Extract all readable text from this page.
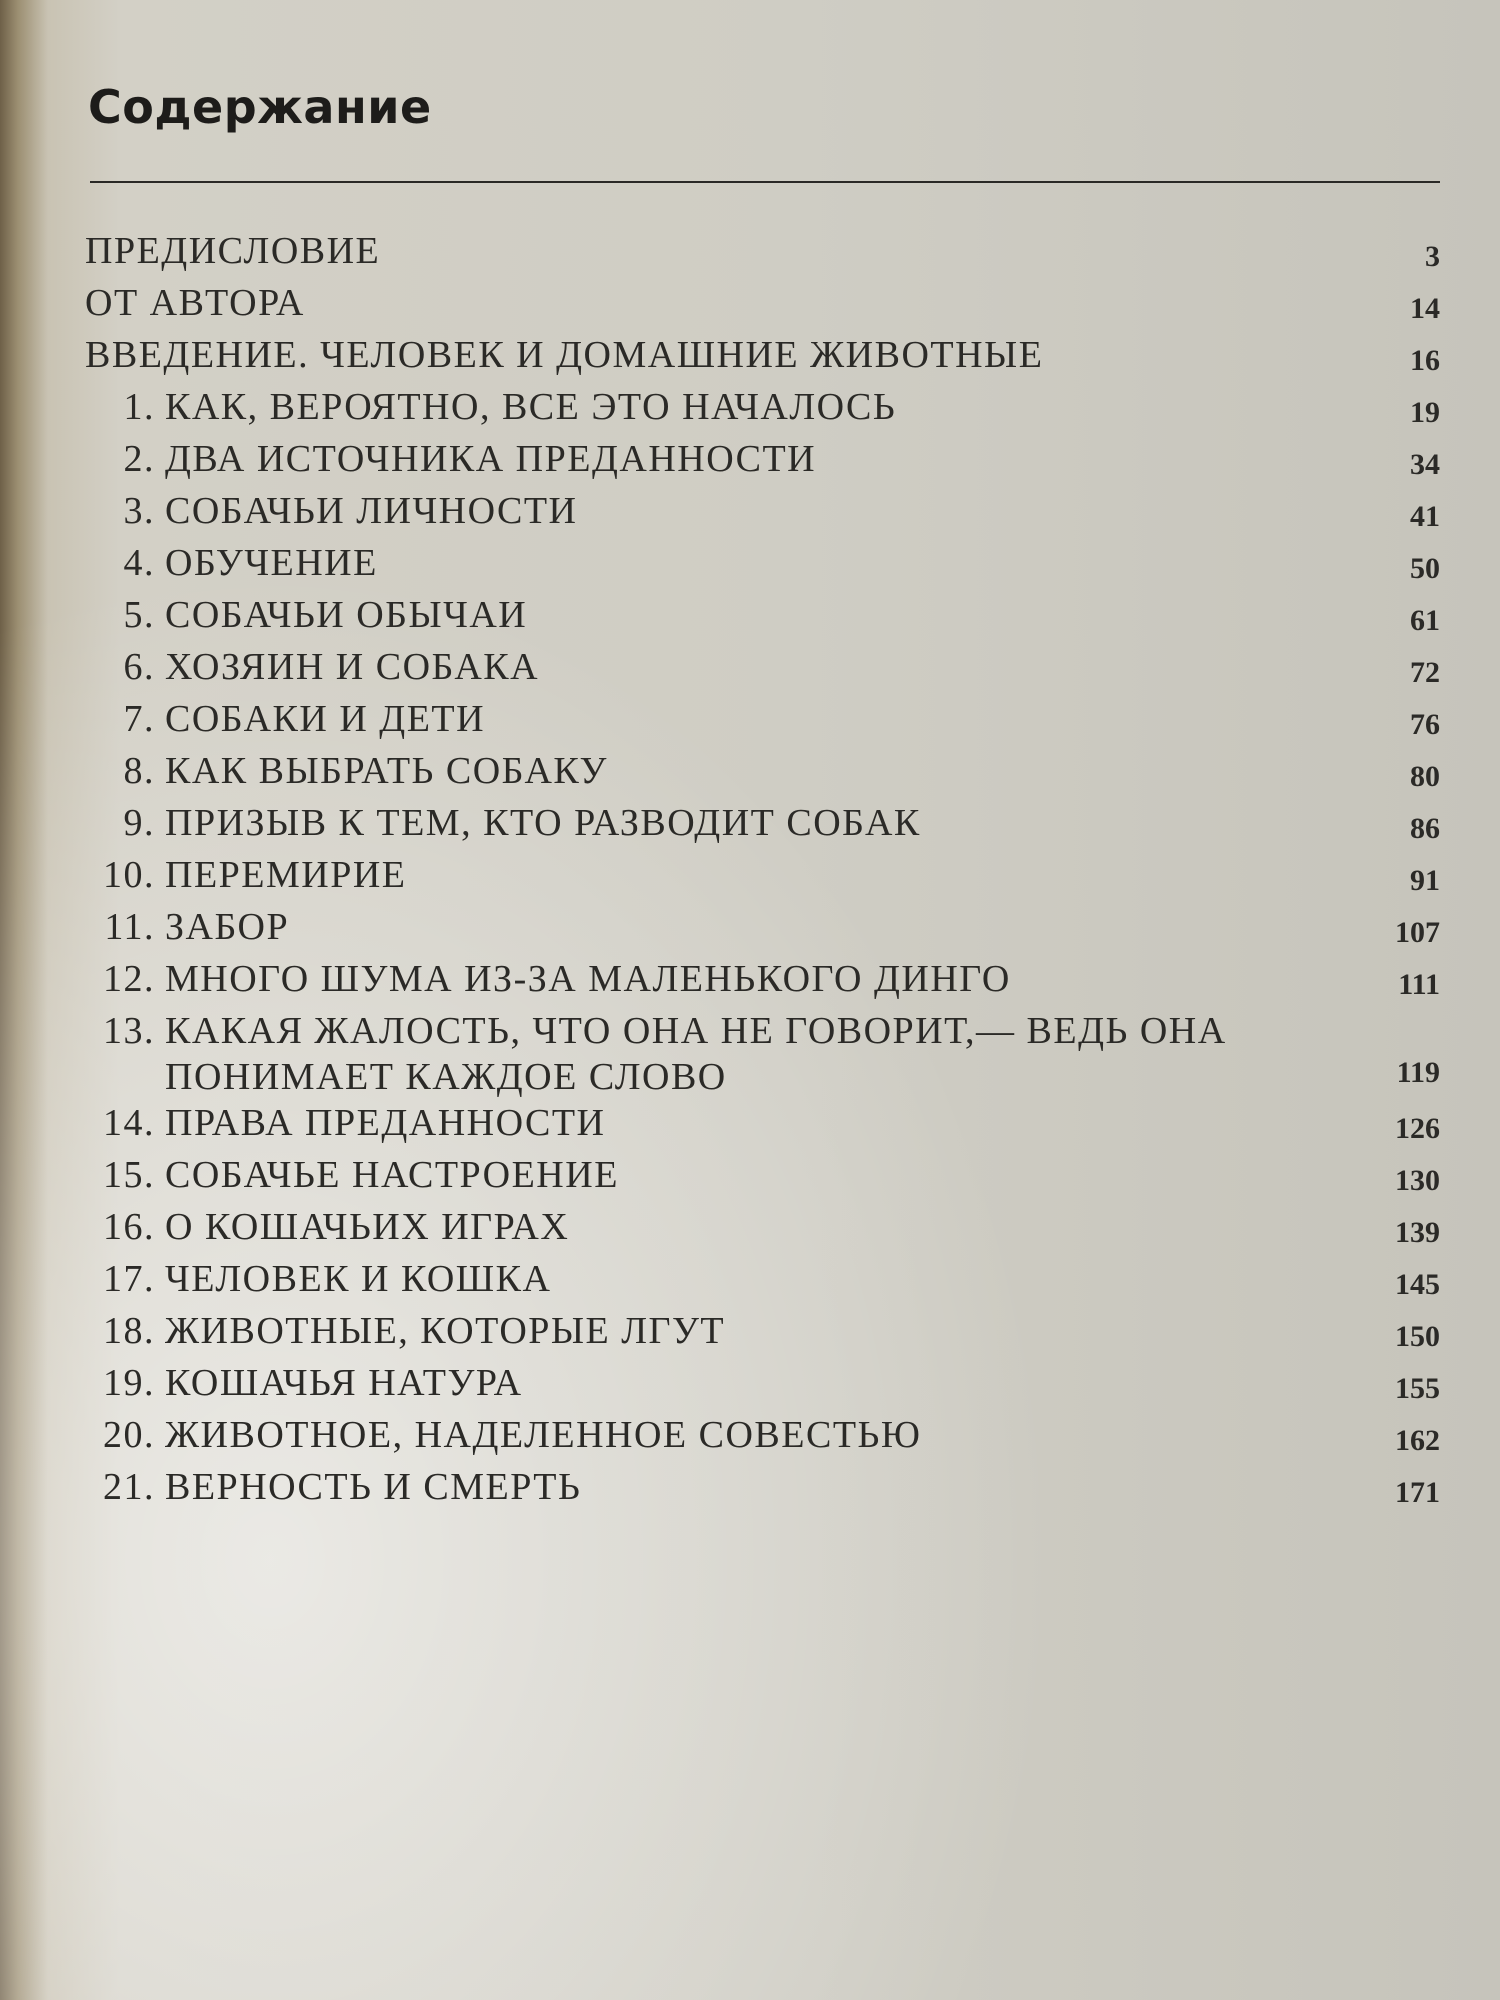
Содержание
ПРЕДИСЛОВИЕ	3
ОТ АВТОРА	14
ВВЕДЕНИЕ. ЧЕЛОВЕК И ДОМАШНИЕ ЖИВОТНЫЕ	16
1. КАК, ВЕРОЯТНО, ВСЕ ЭТО НАЧАЛОСЬ	19
2. ДВА ИСТОЧНИКА ПРЕДАННОСТИ	34
3. СОБАЧЬИ ЛИЧНОСТИ	41
4. ОБУЧЕНИЕ	50
5. СОБАЧЬИ ОБЫЧАИ	61
6. ХОЗЯИН И СОБАКА	72
7. СОБАКИ И ДЕТИ	76
8. КАК ВЫБРАТЬ СОБАКУ	80
9. ПРИЗЫВ К ТЕМ, КТО РАЗВОДИТ СОБАК	86
10. ПЕРЕМИРИЕ	91
11. ЗАБОР	107
12. МНОГО ШУМА ИЗ-ЗА МАЛЕНЬКОГО ДИНГО	111
13. КАКАЯ ЖАЛОСТЬ, ЧТО ОНА НЕ ГОВОРИТ,— ВЕДЬ ОНА ПОНИМАЕТ КАЖДОЕ СЛОВО	119
14. ПРАВА ПРЕДАННОСТИ	126
15. СОБАЧЬЕ НАСТРОЕНИЕ	130
16. О КОШАЧЬИХ ИГРАХ	139
17. ЧЕЛОВЕК И КОШКА	145
18. ЖИВОТНЫЕ, КОТОРЫЕ ЛГУТ	150
19. КОШАЧЬЯ НАТУРА	155
20. ЖИВОТНОЕ, НАДЕЛЕННОЕ СОВЕСТЬЮ	162
21. ВЕРНОСТЬ И СМЕРТЬ	171
